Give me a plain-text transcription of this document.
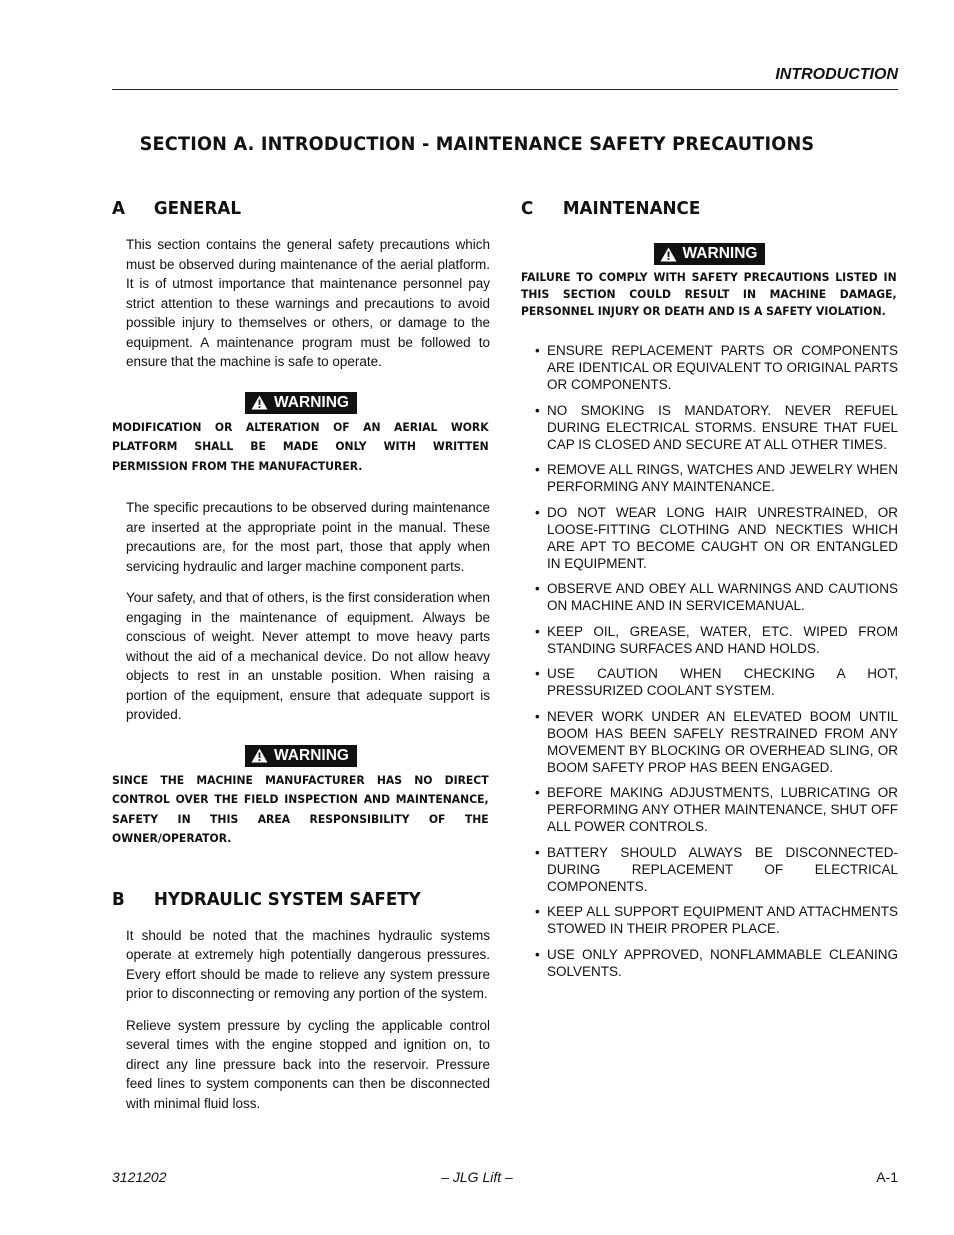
INTRODUCTION
SECTION A. INTRODUCTION - MAINTENANCE SAFETY PRECAUTIONS
A	GENERAL

This section contains the general safety precautions which must be observed during maintenance of the aerial platform. It is of utmost importance that maintenance personnel pay strict attention to these warnings and precautions to avoid possible injury to themselves or others, or damage to the equipment. A maintenance program must be followed to ensure that the machine is safe to operate.

WARNING

MODIFICATION OR ALTERATION OF AN AERIAL WORK PLATFORM SHALL BE MADE ONLY WITH WRITTEN PERMISSION FROM THE MANUFACTURER.

The specific precautions to be observed during maintenance are inserted at the appropriate point in the manual. These precautions are, for the most part, those that apply when servicing hydraulic and larger machine component parts.

Your safety, and that of others, is the first consideration when engaging in the maintenance of equipment. Always be conscious of weight. Never attempt to move heavy parts without the aid of a mechanical device. Do not allow heavy objects to rest in an unstable position. When raising a portion of the equipment, ensure that adequate support is provided.

WARNING

SINCE THE MACHINE MANUFACTURER HAS NO DIRECT CONTROL OVER THE FIELD INSPECTION AND MAINTENANCE, SAFETY IN THIS AREA RESPONSIBILITY OF THE OWNER/OPERATOR.

B	HYDRAULIC SYSTEM SAFETY

It should be noted that the machines hydraulic systems operate at extremely high potentially dangerous pressures. Every effort should be made to relieve any system pressure prior to disconnecting or removing any portion of the system.

Relieve system pressure by cycling the applicable control several times with the engine stopped and ignition on, to direct any line pressure back into the reservoir. Pressure feed lines to system components can then be disconnected with minimal fluid loss.

C	MAINTENANCE
WARNING

FAILURE TO COMPLY WITH SAFETY PRECAUTIONS LISTED IN THIS SECTION COULD RESULT IN MACHINE DAMAGE, PERSONNEL INJURY OR DEATH AND IS A SAFETY VIOLATION.

• ENSURE REPLACEMENT PARTS OR COMPONENTS ARE IDENTICAL OR EQUIVALENT TO ORIGINAL PARTS OR COMPONENTS.
• NO SMOKING IS MANDATORY. NEVER REFUEL DURING ELECTRICAL STORMS. ENSURE THAT FUEL CAP IS CLOSED AND SECURE AT ALL OTHER TIMES.
• REMOVE ALL RINGS, WATCHES AND JEWELRY WHEN PERFORMING ANY MAINTENANCE.
• DO NOT WEAR LONG HAIR UNRESTRAINED, OR LOOSE-FITTING CLOTHING AND NECKTIES WHICH ARE APT TO BECOME CAUGHT ON OR ENTANGLED IN EQUIPMENT.
• OBSERVE AND OBEY ALL WARNINGS AND CAUTIONS ON MACHINE AND IN SERVICEMANUAL.
• KEEP OIL, GREASE, WATER, ETC. WIPED FROM STANDING SURFACES AND HAND HOLDS.
• USE CAUTION WHEN CHECKING A HOT, PRESSURIZED COOLANT SYSTEM.
• NEVER WORK UNDER AN ELEVATED BOOM UNTIL BOOM HAS BEEN SAFELY RESTRAINED FROM ANY MOVEMENT BY BLOCKING OR OVERHEAD SLING, OR BOOM SAFETY PROP HAS BEEN ENGAGED.
• BEFORE MAKING ADJUSTMENTS, LUBRICATING OR PERFORMING ANY OTHER MAINTENANCE, SHUT OFF ALL POWER CONTROLS.
• BATTERY SHOULD ALWAYS BE DISCONNECTED-DURING REPLACEMENT OF ELECTRICAL COMPONENTS.
• KEEP ALL SUPPORT EQUIPMENT AND ATTACHMENTS STOWED IN THEIR PROPER PLACE.
• USE ONLY APPROVED, NONFLAMMABLE CLEANING SOLVENTS.
3121202	– JLG Lift –	A-1
